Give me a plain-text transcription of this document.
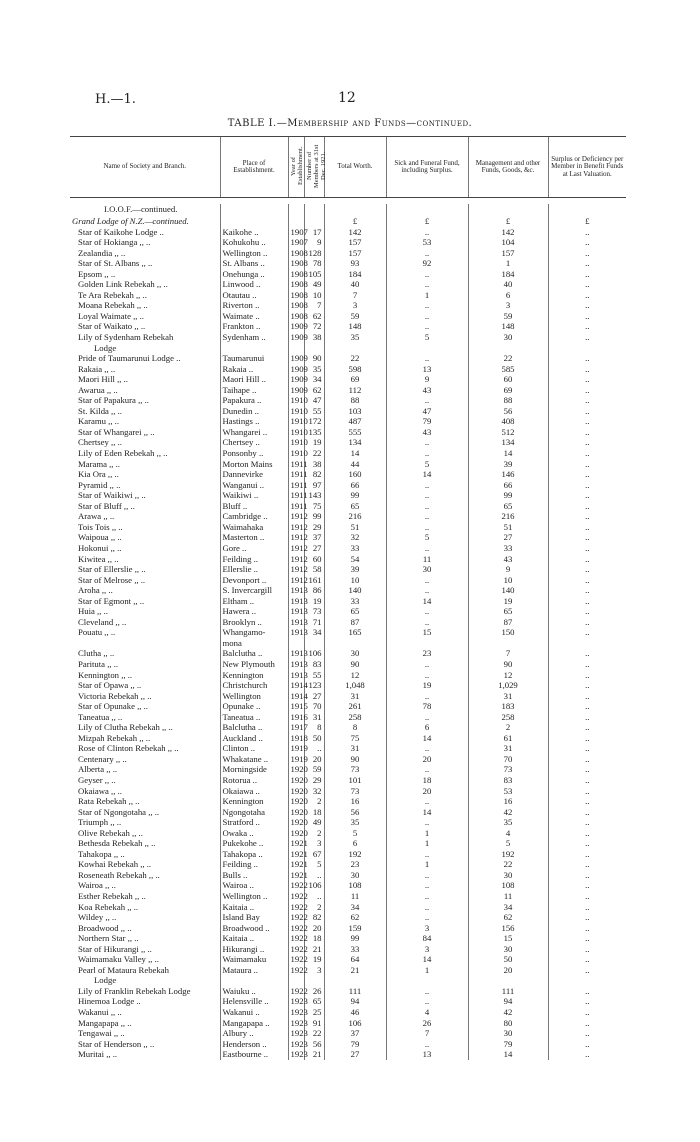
H.—1.	12
TABLE I.—Membership and Funds—continued.
Name of Society and Branch.	Place of Establishment.	Year of Establishment.	Number of Members at 31st Dec. 1921.	Total Worth.	Sick and Funeral Fund, including Surplus.	Management and other Funds, Goods, &c.	Surplus or Deficiency per Member in Benefit Funds at Last Valuation.

I.O.O.F.—continued.							
Grand Lodge of N.Z.—continued.				£	£	£	£
Star of Kaikohe Lodge ..	Kaikohe ..	1907	17	142	..	142	..
Star of Hokianga ,, ..	Kohukohu ..	1907	9	157	53	104	..
Zealandia ,, ..	Wellington ..	1908	128	157	..	157	..
Star of St. Albans ,, ..	St. Albans ..	1908	78	93	92	1	..
Epsom ,, ..	Onehunga ..	1908	105	184	..	184	..
Golden Link Rebekah ,, ..	Linwood ..	1908	49	40	..	40	..
Te Ara Rebekah ,, ..	Otautau ..	1908	10	7	1	6	..
Moana Rebekah ,, ..	Riverton ..	1908	7	3	..	3	..
Loyal Waimate ,, ..	Waimate ..	1908	62	59	..	59	..
Star of Waikato ,, ..	Frankton ..	1909	72	148	..	148	..
Lily of Sydenham Rebekah	Sydenham ..	1909	38	35	5	30	..
Lodge							
Pride of Taumarunui Lodge ..	Taumarunui	1909	90	22	..	22	..
Rakaia ,, ..	Rakaia ..	1909	35	598	13	585	..
Maori Hill ,, ..	Maori Hill ..	1909	34	69	9	60	..
Awarua ,, ..	Taihape ..	1909	62	112	43	69	..
Star of Papakura ,, ..	Papakura ..	1910	47	88	..	88	..
St. Kilda ,, ..	Dunedin ..	1910	55	103	47	56	..
Karamu ,, ..	Hastings ..	1910	172	487	79	408	..
Star of Whangarei ,, ..	Whangarei ..	1910	135	555	43	512	..
Chertsey ,, ..	Chertsey ..	1910	19	134	..	134	..
Lily of Eden Rebekah ,, ..	Ponsonby ..	1910	22	14	..	14	..
Marama ,, ..	Morton Mains	1911	38	44	5	39	..
Kia Ora ,, ..	Dannevirke	1911	82	160	14	146	..
Pyramid ,, ..	Wanganui ..	1911	97	66	..	66	..
Star of Waikiwi ,, ..	Waikiwi ..	1911	143	99	..	99	..
Star of Bluff ,, ..	Bluff ..	1911	75	65	..	65	..
Arawa ,, ..	Cambridge ..	1912	99	216	..	216	..
Tois Tois ,, ..	Waimahaka	1912	29	51	..	51	..
Waipoua ,, ..	Masterton ..	1912	37	32	5	27	..
Hokonui ,, ..	Gore ..	1912	27	33	..	33	..
Kiwitea ,, ..	Feilding ..	1912	60	54	11	43	..
Star of Ellerslie ,, ..	Ellerslie ..	1912	58	39	30	9	..
Star of Melrose ,, ..	Devonport ..	1912	161	10	..	10	..
Aroha ,, ..	S. Invercargill	1913	86	140	..	140	..
Star of Egmont ,, ..	Eltham ..	1913	19	33	14	19	..
Huia ,, ..	Hawera ..	1913	73	65	..	65	..
Cleveland ,, ..	Brooklyn ..	1913	71	87	..	87	..
Pouatu ,, ..	Whangamo-	1913	34	165	15	150	..
	mona						
Clutha ,, ..	Balclutha ..	1913	106	30	23	7	..
Parituta ,, ..	New Plymouth	1913	83	90	..	90	..
Kennington ,, ..	Kennington	1913	55	12	..	12	..
Star of Opawa ,, ..	Christchurch	1914	123	1,048	19	1,029	..
Victoria Rebekah ,, ..	Wellington	1914	27	31	..	31	..
Star of Opunake ,, ..	Opunake ..	1915	70	261	78	183	..
Taneatua ,, ..	Taneatua ..	1916	31	258	..	258	..
Lily of Clutha Rebekah ,, ..	Balclutha ..	1917	8	8	6	2	..
Mizpah Rebekah ,, ..	Auckland ..	1918	50	75	14	61	..
Rose of Clinton Rebekah ,, ..	Clinton ..	1919	..	31	..	31	..
Centenary ,, ..	Whakatane ..	1919	20	90	20	70	..
Alberta ,, ..	Morningside	1920	59	73	..	73	..
Geyser ,, ..	Rotorua ..	1920	29	101	18	83	..
Okaiawa ,, ..	Okaiawa ..	1920	32	73	20	53	..
Rata Rebekah ,, ..	Kennington	1920	2	16	..	16	..
Star of Ngongotaha ,, ..	Ngongotaha	1920	18	56	14	42	..
Triumph ,, ..	Stratford ..	1920	49	35	..	35	..
Olive Rebekah ,, ..	Owaka ..	1920	2	5	1	4	..
Bethesda Rebekah ,, ..	Pukekohe ..	1921	3	6	1	5	..
Tahakopa ,, ..	Tahakopa ..	1921	67	192	..	192	..
Kowhai Rebekah ,, ..	Feilding ..	1921	5	23	1	22	..
Roseneath Rebekah ,, ..	Bulls ..	1921	..	30	..	30	..
Wairoa ,, ..	Wairoa ..	1922	106	108	..	108	..
Esther Rebekah ,, ..	Wellington ..	1922	..	11	..	11	..
Koa Rebekah ,, ..	Kaitaia ..	1922	2	34	..	34	..
Wildey ,, ..	Island Bay	1922	82	62	..	62	..
Broadwood ,, ..	Broadwood ..	1922	20	159	3	156	..
Northern Star ,, ..	Kaitaia ..	1922	18	99	84	15	..
Star of Hikurangi ,, ..	Hikurangi ..	1922	21	33	3	30	..
Waimamaku Valley ,, ..	Waimamaku	1922	19	64	14	50	..
Pearl of Mataura Rebekah	Mataura ..	1922	3	21	1	20	..
Lodge							
Lily of Franklin Rebekah Lodge	Waiuku ..	1922	26	111	..	111	..
Hinemoa Lodge ..	Helensville ..	1923	65	94	..	94	..
Wakanui ,, ..	Wakanui ..	1923	25	46	4	42	..
Mangapapa ,, ..	Mangapapa ..	1923	91	106	26	80	..
Tengawai ,, ..	Albury ..	1923	22	37	7	30	..
Star of Henderson ,, ..	Henderson ..	1923	56	79	..	79	..
Muritai ,, ..	Eastbourne ..	1923	21	27	13	14	..
